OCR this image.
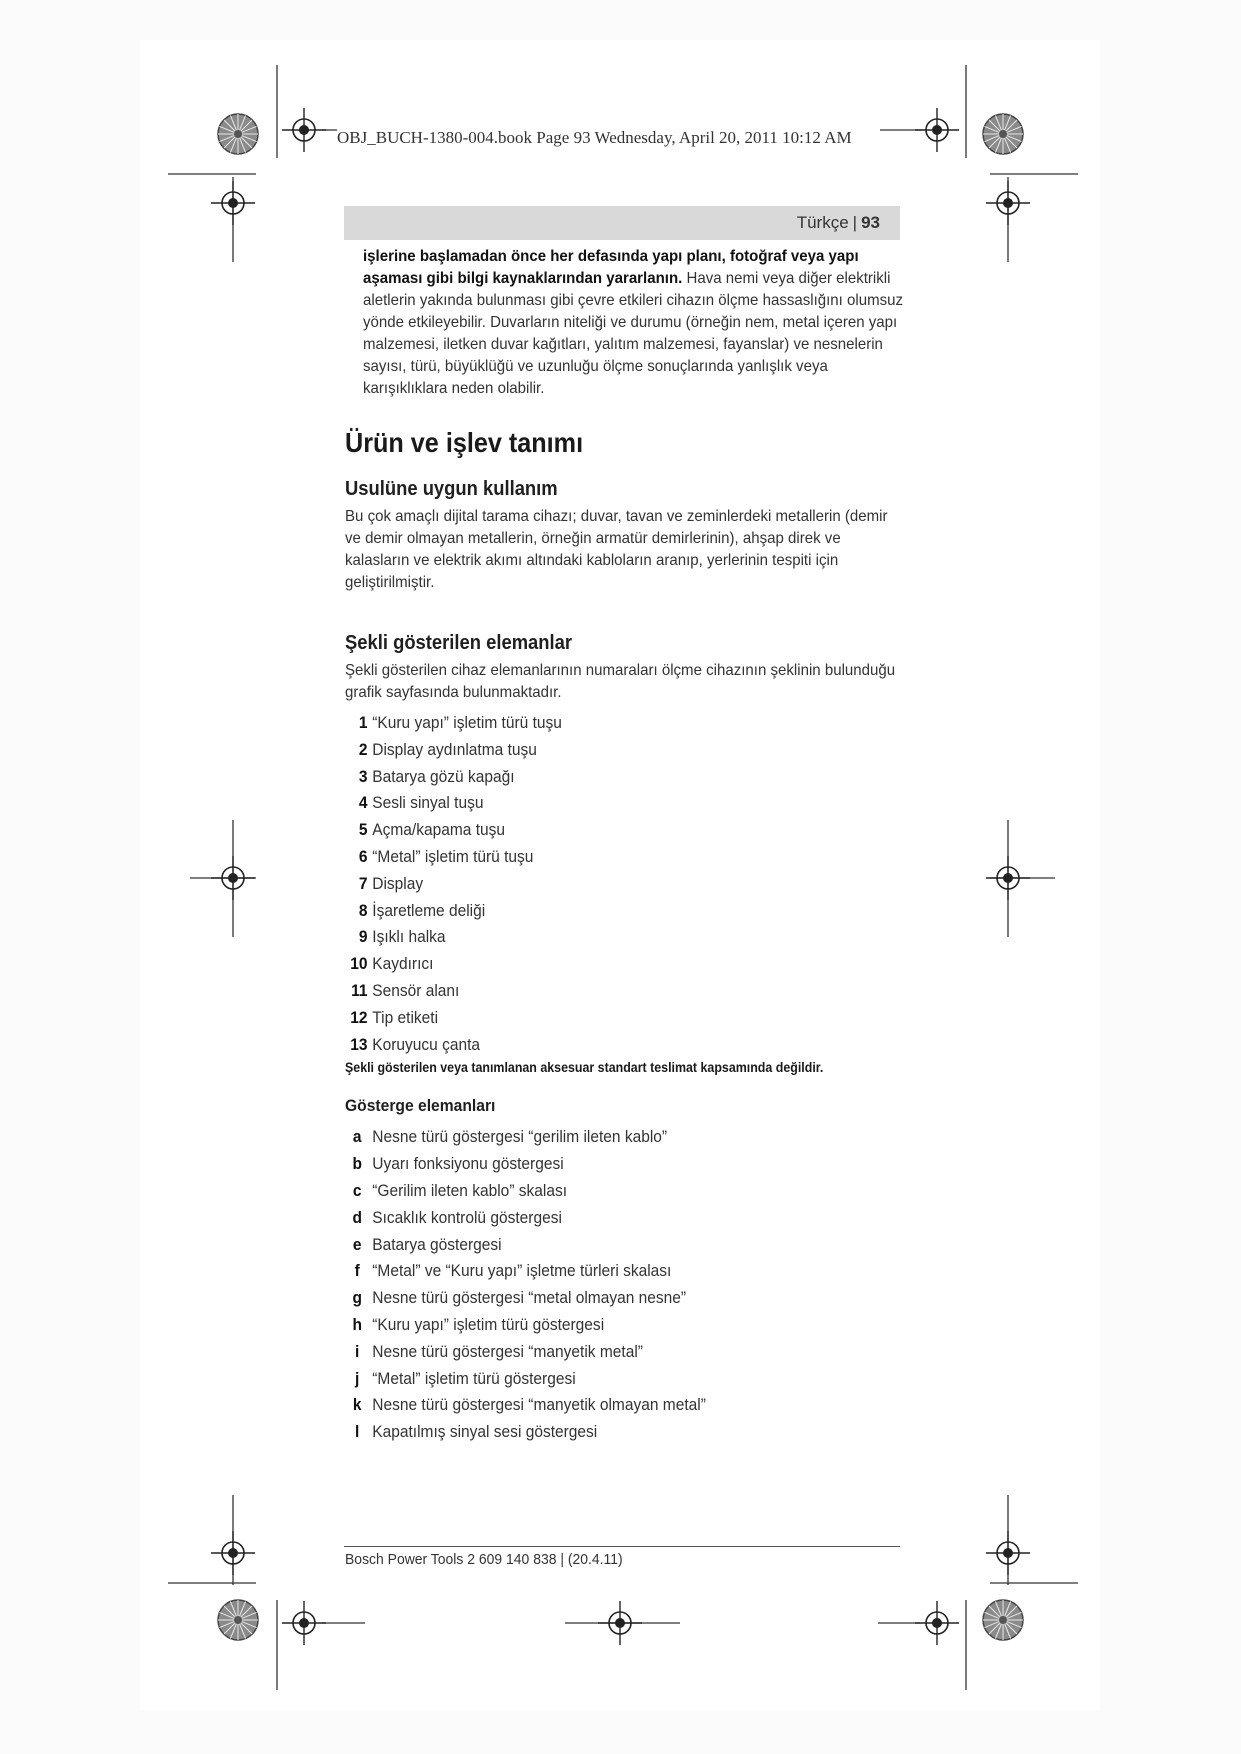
OBJ_BUCH-1380-004.book Page 93 Wednesday, April 20, 2011 10:12 AM
Türkçe | 93

işlerine başlamadan önce her defasında yapı planı, fotoğraf veya yapı aşaması gibi bilgi kaynaklarından yararlanın. Hava nemi veya diğer elektrikli aletlerin yakında bulunması gibi çevre etkileri cihazın ölçme hassaslığını olumsuz yönde etkileyebilir. Duvarların niteliği ve durumu (örneğin nem, metal içeren yapı malzemesi, iletken duvar kağıtları, yalıtım malzemesi, fayanslar) ve nesnelerin sayısı, türü, büyüklüğü ve uzunluğu ölçme sonuçlarında yanlışlık veya karışıklıklara neden olabilir.

Ürün ve işlev tanımı
Usulüne uygun kullanım

Bu çok amaçlı dijital tarama cihazı; duvar, tavan ve zeminlerdeki metallerin (demir ve demir olmayan metallerin, örneğin armatür demirlerinin), ahşap direk ve kalasların ve elektrik akımı altındaki kabloların aranıp, yerlerinin tespiti için geliştirilmiştir.

Şekli gösterilen elemanlar

Şekli gösterilen cihaz elemanlarının numaraları ölçme cihazının şeklinin bulunduğu grafik sayfasında bulunmaktadır.

1 “Kuru yapı” işletim türü tuşu
2 Display aydınlatma tuşu
3 Batarya gözü kapağı
4 Sesli sinyal tuşu
5 Açma/kapama tuşu
6 “Metal” işletim türü tuşu
7 Display
8 İşaretleme deliği
9 Işıklı halka
10 Kaydırıcı
11 Sensör alanı
12 Tip etiketi
13 Koruyucu çanta

Şekli gösterilen veya tanımlanan aksesuar standart teslimat kapsamında değildir.

Gösterge elemanları
a Nesne türü göstergesi “gerilim ileten kablo”
b Uyarı fonksiyonu göstergesi
c “Gerilim ileten kablo” skalası
d Sıcaklık kontrolü göstergesi
e Batarya göstergesi
f “Metal” ve “Kuru yapı” işletme türleri skalası
g Nesne türü göstergesi “metal olmayan nesne”
h “Kuru yapı” işletim türü göstergesi
i Nesne türü göstergesi “manyetik metal”
j “Metal” işletim türü göstergesi
k Nesne türü göstergesi “manyetik olmayan metal”
l Kapatılmış sinyal sesi göstergesi
Bosch Power Tools 2 609 140 838 | (20.4.11)
